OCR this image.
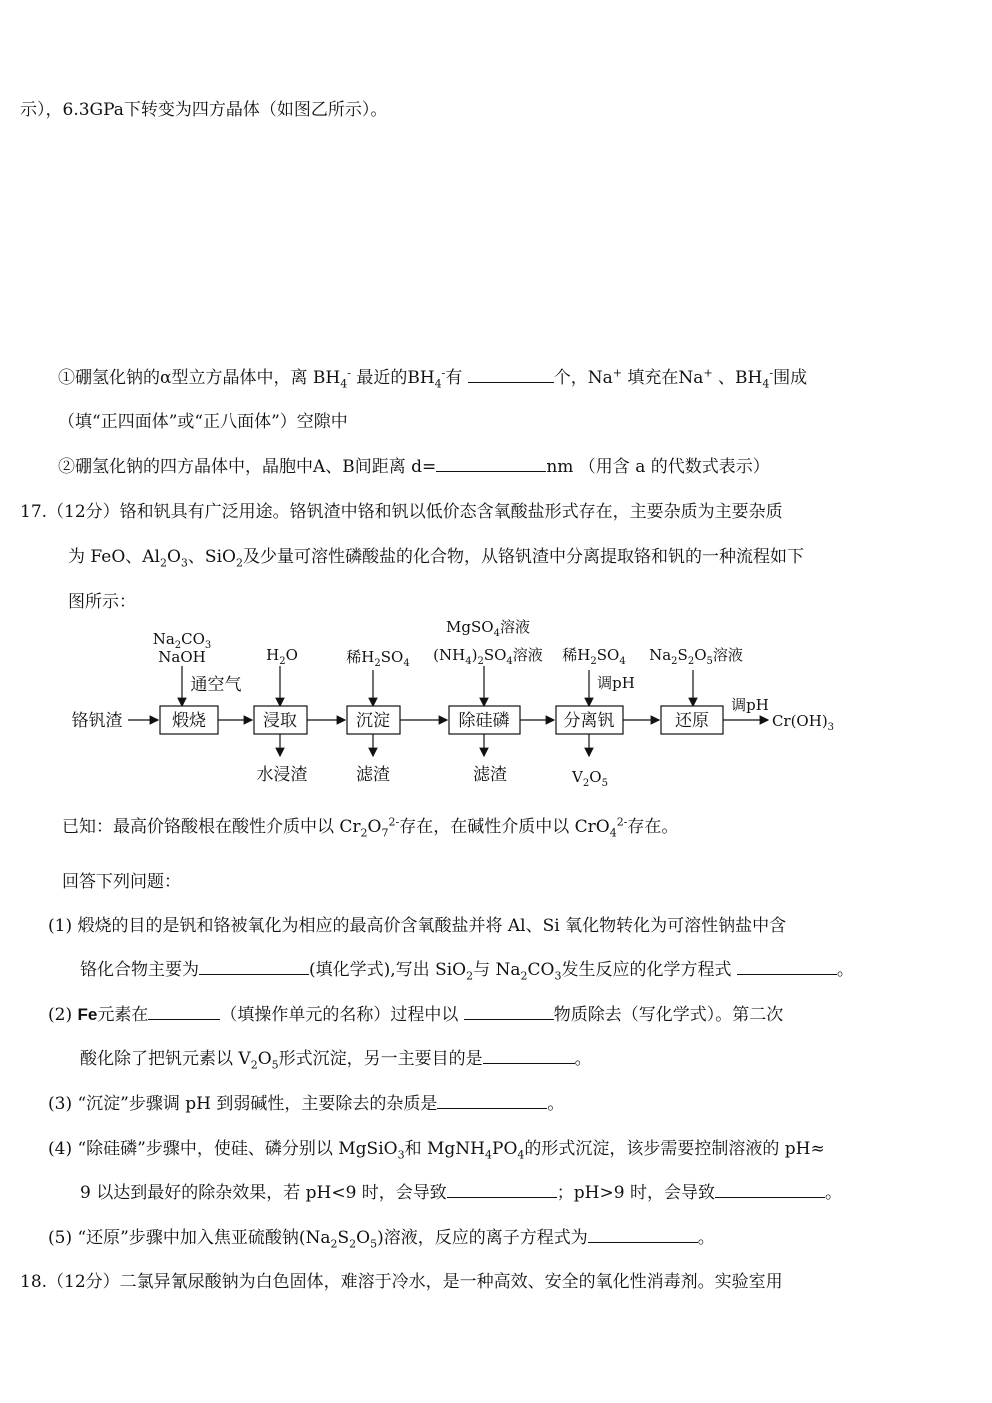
示），6.3GPa下转变为四方晶体（如图乙所示）。
①硼氢化钠的α型立方晶体中，离 $BH_4^-$ 最近的$BH_4^-$有	个，Na+ 填充在Na+ 、$BH_4^-$围成
（填“正四面体”或“正八面体”）空隙中
②硼氢化钠的四方晶体中，晶胞中A、B间距离 d=	nm （用含 a 的代数式表示）
17.（12分）铬和钒具有广泛用途。铬钒渣中铬和钒以低价态含氧酸盐形式存在，主要杂质为主要杂质
为 FeO、$Al_2O_3$、SiO$_2$及少量可溶性磷酸盐的化合物，从铬钒渣中分离提取铬和钒的一种流程如下
图所示：
铬钒渣	煅烧	浸取	沉淀	除硅磷	分离钒	还原
水浸渣	滤渣	滤渣
通空气
$Na_2CO_3$
NaOH	$H_2O$	稀$H_2SO_4$
MgSO$_4$溶液
$(NH_4)_2SO_4$溶液 稀$H_2SO_4$
调pH
$Na_2S_2O_5$溶液
调pH
$Cr(OH)_3$
$V_2O_5$
已知：最高价铬酸根在酸性介质中以 $Cr_2O_7^{2-}$存在，在碱性介质中以 CrO$_4^{2-}$存在。
回答下列问题：
(1) 煅烧的目的是钒和铬被氧化为相应的最高价含氧酸盐并将 Al、Si 氧化物转化为可溶性钠盐中含
铬化合物主要为	(填化学式),写出 SiO$_2$与 $Na_2CO_3$发生反应的化学方程式	。
(2) Fe元素在	（填操作单元的名称）过程中以	物质除去（写化学式）。第二次
酸化除了把钒元素以 $V_2O_5$形式沉淀，另一主要目的是	。
(3) “沉淀”步骤调 pH 到弱碱性，主要除去的杂质是	。
(4) “除硅磷”步骤中，使硅、磷分别以 MgSiO$_3$和 $MgNH_4PO_4$的形式沉淀，该步需要控制溶液的 pH≈
9 以达到最好的除杂效果，若 pH<9 时，会导致	；pH>9 时，会导致	。
(5) “还原”步骤中加入焦亚硫酸钠$(Na_2S_2O_5)$溶液，反应的离子方程式为	。
18.（12分）二氯异氰尿酸钠为白色固体，难溶于冷水，是一种高效、安全的氧化性消毒剂。实验室用
